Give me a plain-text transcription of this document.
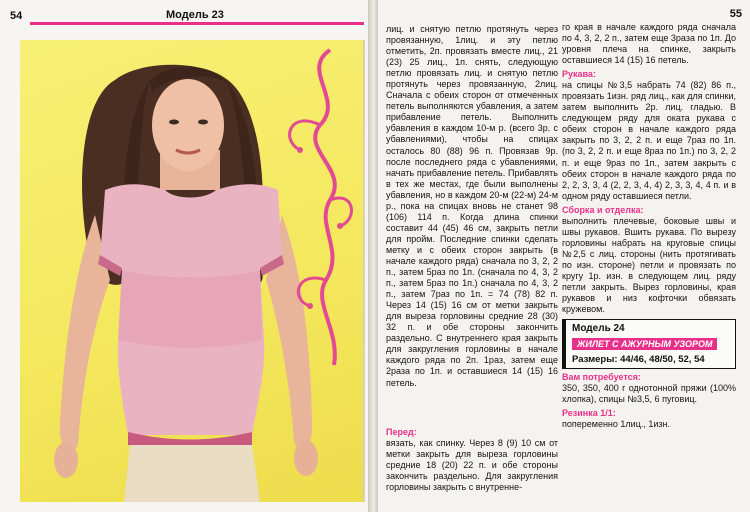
54	Модель 23	55

лиц. и снятую петлю протянуть через провязанную, 1лиц. и эту петлю отметить, 2п. провязать вместе лиц., 21 (23) 25 лиц., 1п. снять, следующую петлю провязать лиц. и снятую петлю протянуть через провязанную, 2лиц. Сначала с обеих сторон от отмеченных петель выполняются убавления, а затем прибавление петель. Выполнить убавления в каждом 10-м р. (всего 3р. с убавлениями), чтобы на спицах осталось 80 (88) 96 п. Провязав 9р. после последнего ряда с убавлениями, начать прибавление петель. Прибавлять в тех же местах, где были выполнены убавления, но в каждом 20-м (22-м) 24-м р., пока на спицах вновь не станет 98 (106) 114 п. Когда длина спинки составит 44 (45) 46 см, закрыть петли для пройм. Последние спинки сделать метку и с обеих сторон закрыть (в начале каждого ряда) сначала по 3, 2, 2 п., затем 5раз по 1п. (сначала по 4, 3, 2 п., затем 5раз по 1п.) сначала по 4, 3, 2 п., затем 7раз по 1п. = 74 (78) 82 п. Через 14 (15) 16 см от метки закрыть для выреза горловины средние 28 (30) 32 п. и обе стороны закончить раздельно. С внутреннего края закрыть для закругления горловины в начале каждого ряда по 2п. 1раз, затем еще 2раза по 1п. и оставшиеся 14 (15) 16 петель.

Перед:

вязать, как спинку. Через 8 (9) 10 см от метки закрыть для выреза горловины средние 18 (20) 22 п. и обе стороны закончить раздельно. Для закругления горловины закрыть с внутренне-

го края в начале каждого ряда сначала по 4, 3, 2, 2 п., затем еще 3раза по 1п. До уровня плеча на спинке, закрыть оставшиеся 14 (15) 16 петель.

Рукава:

на спицы №3,5 набрать 74 (82) 86 п., провязать 1изн. ряд лиц., как для спинки, затем выполнить 2р. лиц. гладью. В следующем ряду для оката рукава с обеих сторон в начале каждого ряда закрыть по 3, 2, 2 п. и еще 7раз по 1п. (по 3, 2, 2 п. и еще 8раз по 1п.) по 3, 2, 2 п. и еще 9раз по 1п., затем закрыть с обеих сторон в начале каждого ряда по 2, 2, 3, 3, 4 (2, 2, 3, 4, 4) 2, 3, 3, 4, 4 п. и в одном ряду оставшиеся петли.

Сборка и отделка:

выполнить плечевые, боковые швы и швы рукавов. Вшить рукава. По вырезу горловины набрать на круговые спицы №2,5 с лиц. стороны (нить протягивать по изн. стороне) петли и провязать по кругу 1р. изн. в следующем лиц. ряду петли закрыть. Вырез горловины, края рукавов и низ кофточки обвязать кружевом.

Модель 24
ЖИЛЕТ С АЖУРНЫМ УЗОРОМ
Размеры: 44/46, 48/50, 52, 54
Вам потребуется:

350, 350, 400 г однотонной пряжи (100% хлопка), спицы №3,5, 6 пуговиц.

Резинка 1/1:

попеременно 1лиц., 1изн.
